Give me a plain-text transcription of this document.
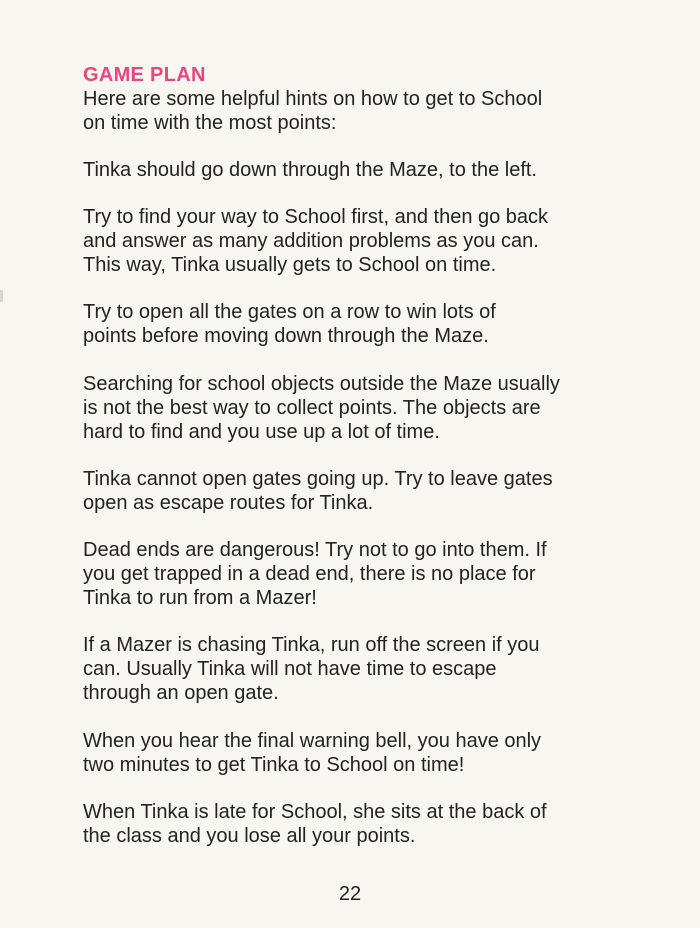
GAME PLAN
Here are some helpful hints on how to get to School
on time with the most points:
Tinka should go down through the Maze, to the left.
Try to find your way to School first, and then go back
and answer as many addition problems as you can.
This way, Tinka usually gets to School on time.
Try to open all the gates on a row to win lots of
points before moving down through the Maze.
Searching for school objects outside the Maze usually
is not the best way to collect points. The objects are
hard to find and you use up a lot of time.
Tinka cannot open gates going up. Try to leave gates
open as escape routes for Tinka.
Dead ends are dangerous! Try not to go into them. If
you get trapped in a dead end, there is no place for
Tinka to run from a Mazer!
If a Mazer is chasing Tinka, run off the screen if you
can. Usually Tinka will not have time to escape
through an open gate.
When you hear the final warning bell, you have only
two minutes to get Tinka to School on time!
When Tinka is late for School, she sits at the back of
the class and you lose all your points.
22
